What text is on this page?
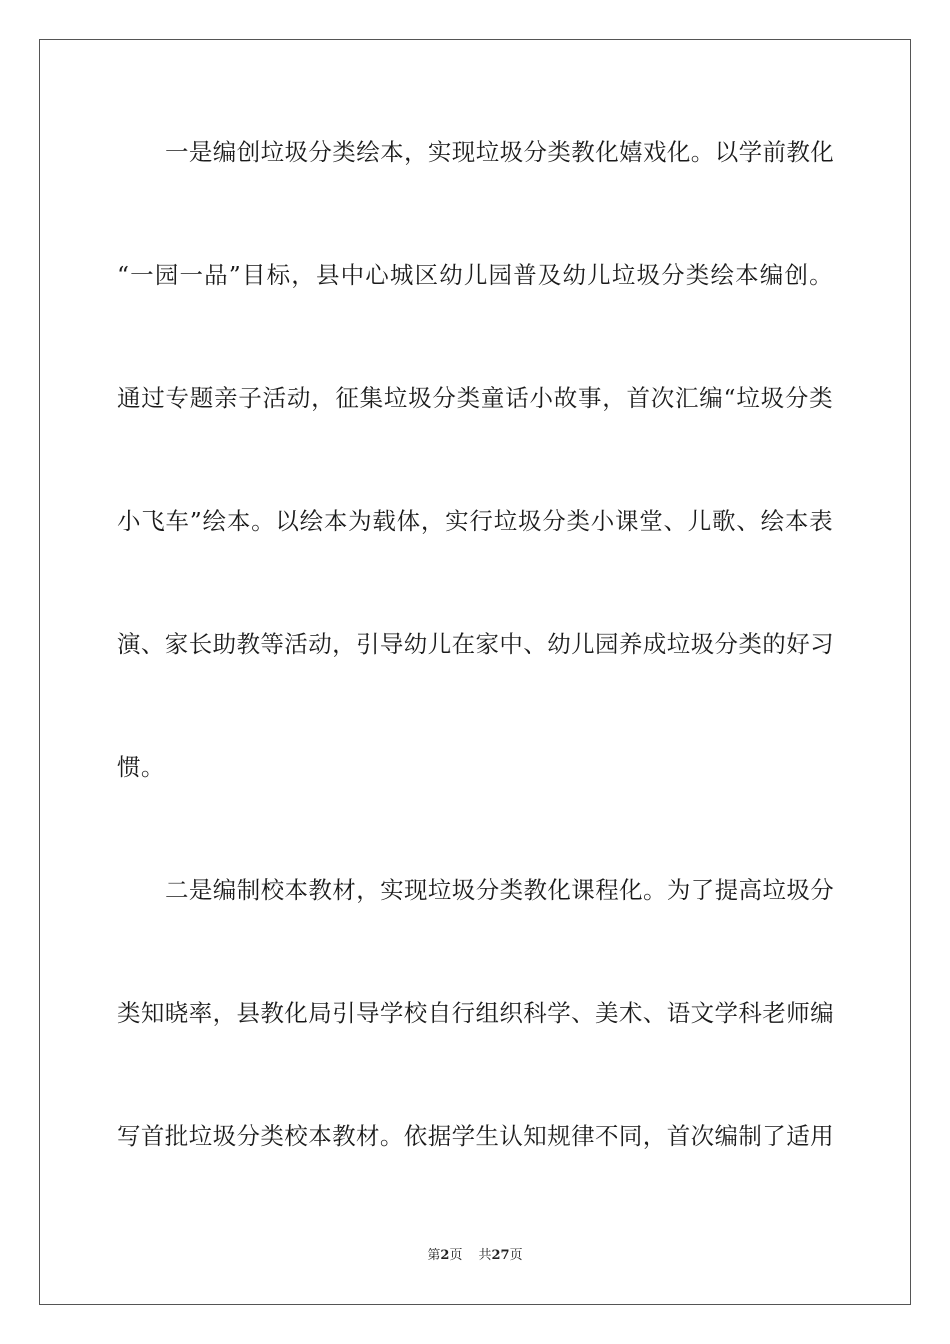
一是编创垃圾分类绘本，实现垃圾分类教化嬉戏化。以学前教化
“一园一品”目标，县中心城区幼儿园普及幼儿垃圾分类绘本编创。
通过专题亲子活动，征集垃圾分类童话小故事，首次汇编“垃圾分类
小飞车”绘本。以绘本为载体，实行垃圾分类小课堂、儿歌、绘本表
演、家长助教等活动，引导幼儿在家中、幼儿园养成垃圾分类的好习
惯。
二是编制校本教材，实现垃圾分类教化课程化。为了提高垃圾分
类知晓率，县教化局引导学校自行组织科学、美术、语文学科老师编
写首批垃圾分类校本教材。依据学生认知规律不同，首次编制了适用
第2页 共27页
